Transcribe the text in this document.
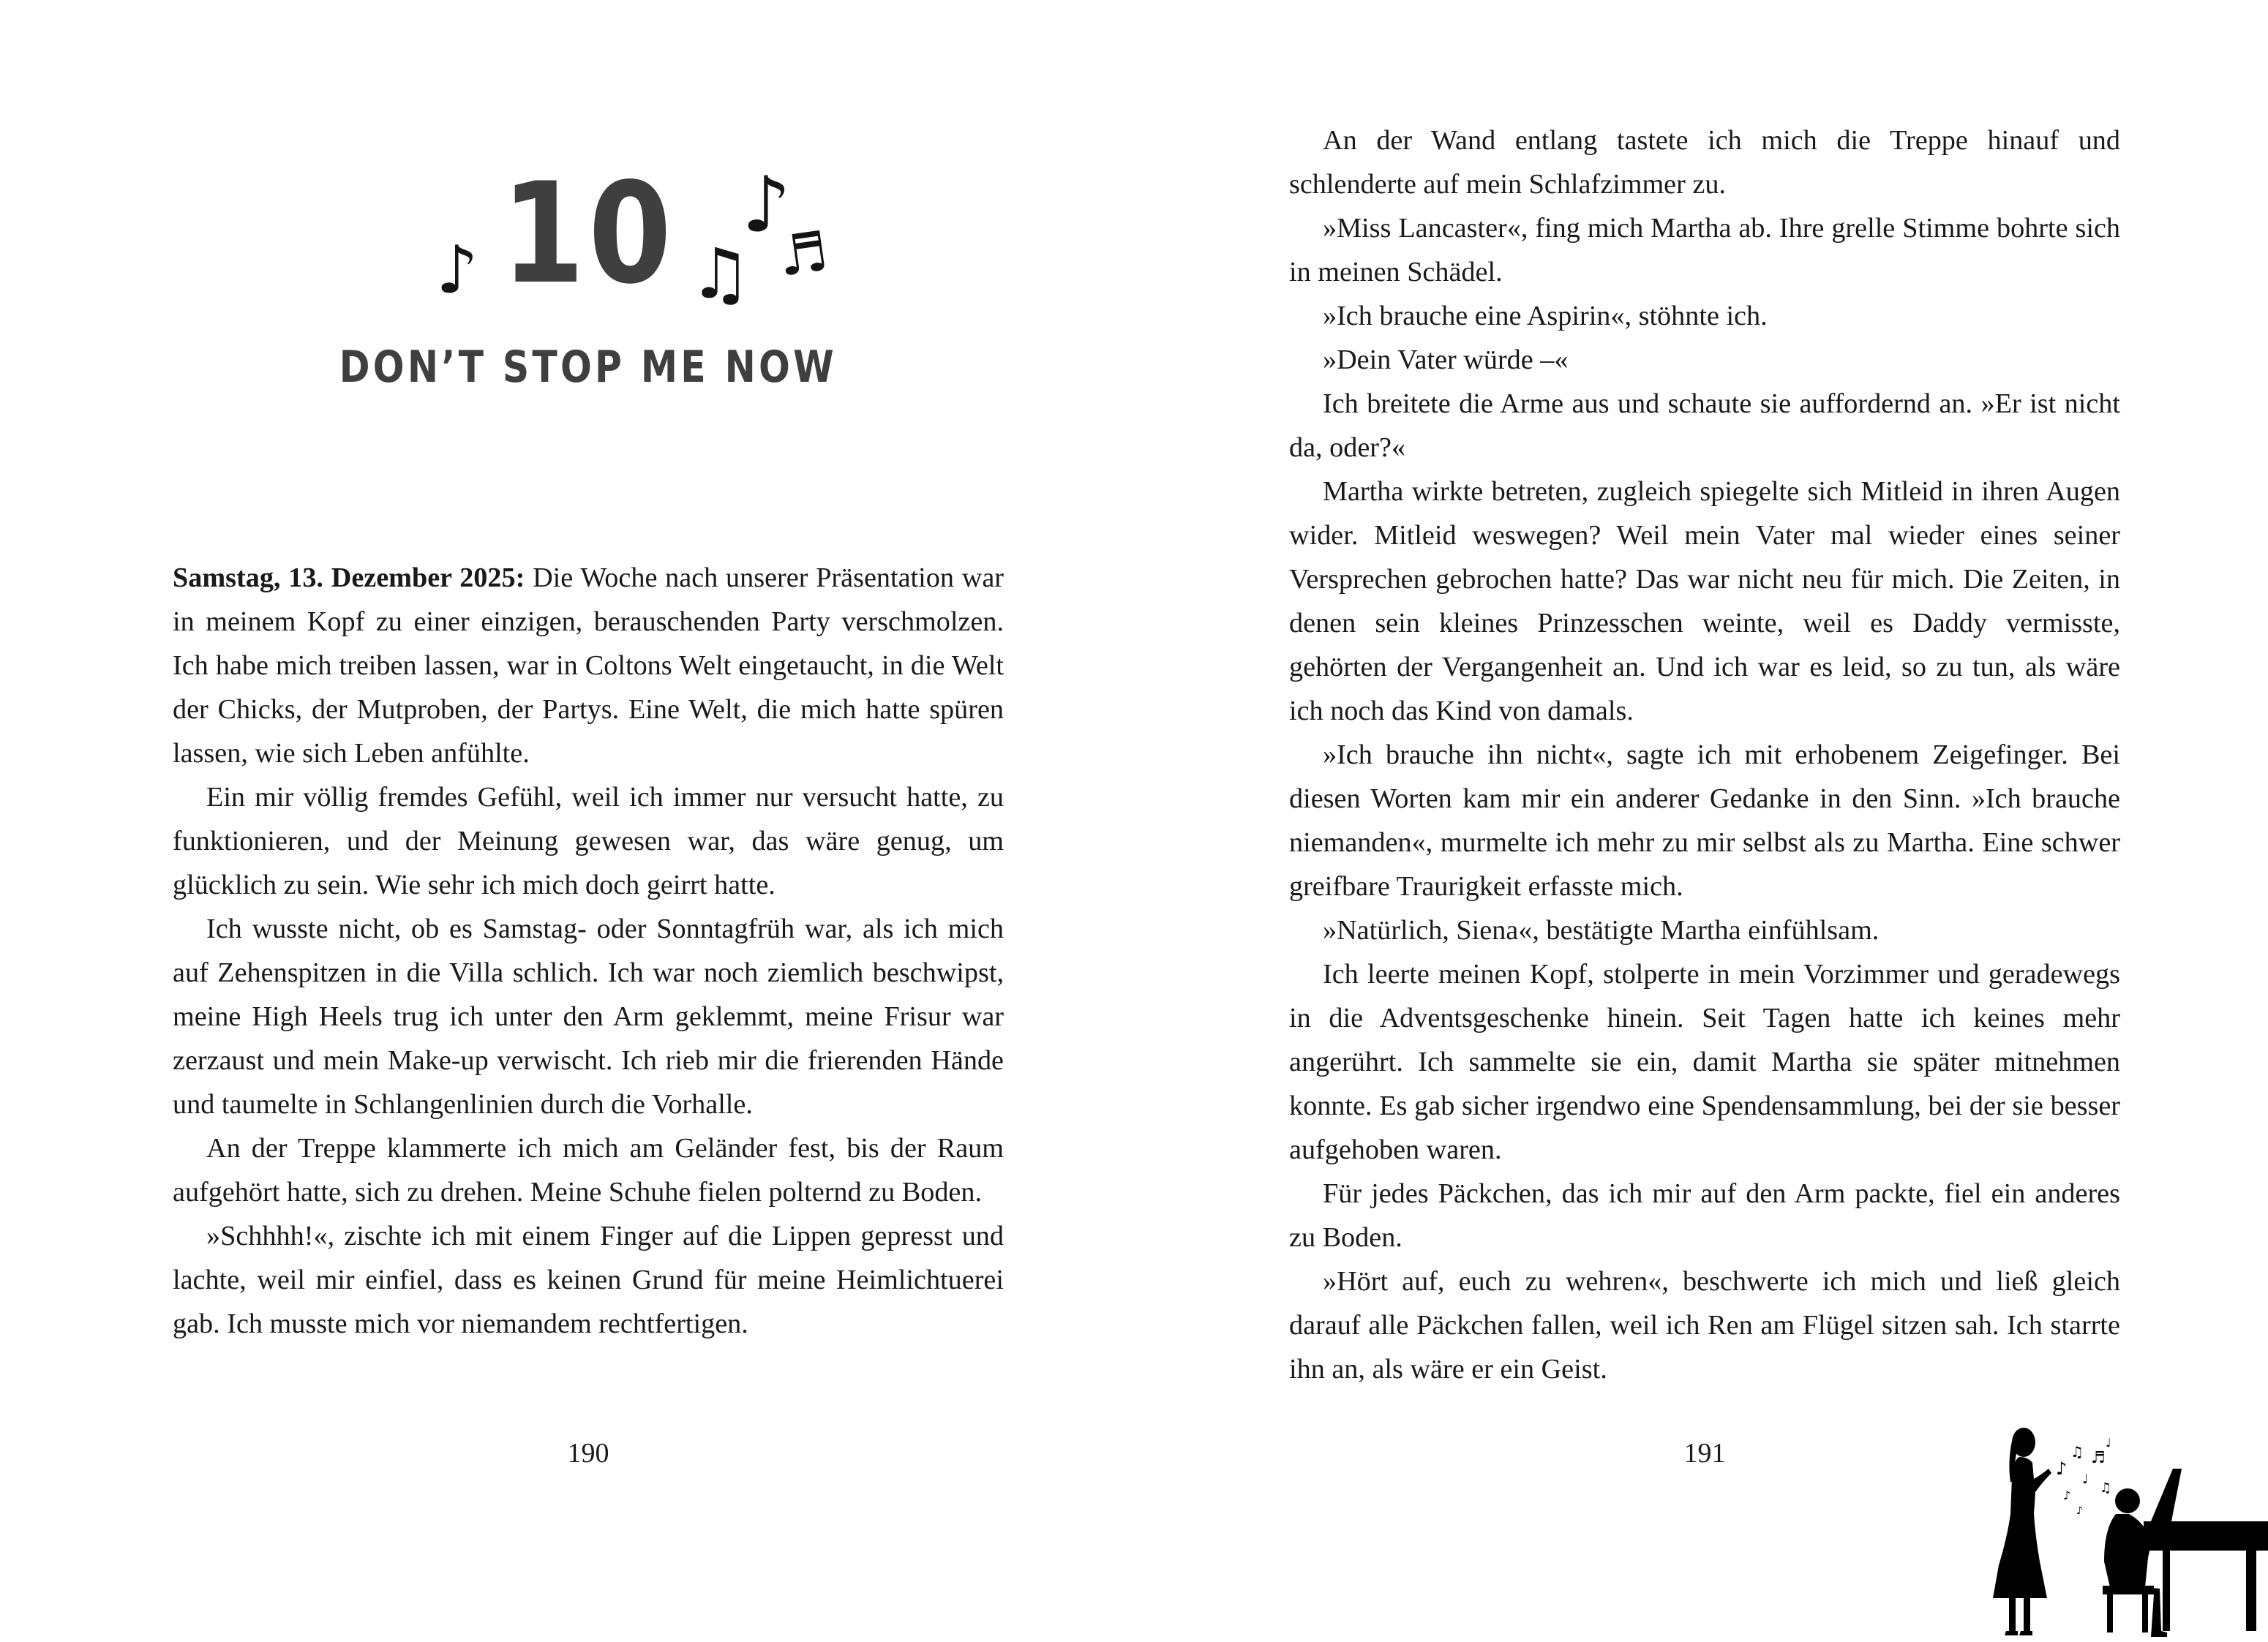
10
DON’T STOP ME NOW
♪	♫
♪
♬

Samstag, 13. Dezember 2025: Die Woche nach unserer Präsentation war in meinem Kopf zu einer einzigen, berauschenden Party verschmolzen. Ich habe mich treiben lassen, war in Coltons Welt eingetaucht, in die Welt der Chicks, der Mutproben, der Partys. Eine Welt, die mich hatte spüren lassen, wie sich Leben anfühlte.

Ein mir völlig fremdes Gefühl, weil ich immer nur versucht hatte, zu funktionieren, und der Meinung gewesen war, das wäre genug, um glücklich zu sein. Wie sehr ich mich doch geirrt hatte.

Ich wusste nicht, ob es Samstag- oder Sonntagfrüh war, als ich mich auf Zehenspitzen in die Villa schlich. Ich war noch ziemlich beschwipst, meine High Heels trug ich unter den Arm geklemmt, meine Frisur war zerzaust und mein Make-up verwischt. Ich rieb mir die frierenden Hände und taumelte in Schlangenlinien durch die Vorhalle.

An der Treppe klammerte ich mich am Geländer fest, bis der Raum aufgehört hatte, sich zu drehen. Meine Schuhe fielen polternd zu Boden.

»Schhhh!«, zischte ich mit einem Finger auf die Lippen gepresst und lachte, weil mir einfiel, dass es keinen Grund für meine Heimlichtuerei gab. Ich musste mich vor niemandem rechtfertigen.

190

An der Wand entlang tastete ich mich die Treppe hinauf und schlenderte auf mein Schlafzimmer zu.

»Miss Lancaster«, fing mich Martha ab. Ihre grelle Stimme bohrte sich in meinen Schädel.

»Ich brauche eine Aspirin«, stöhnte ich.

»Dein Vater würde –«

Ich breitete die Arme aus und schaute sie auffordernd an. »Er ist nicht da, oder?«

Martha wirkte betreten, zugleich spiegelte sich Mitleid in ihren Augen wider. Mitleid weswegen? Weil mein Vater mal wieder eines seiner Versprechen gebrochen hatte? Das war nicht neu für mich. Die Zeiten, in denen sein kleines Prinzesschen weinte, weil es Daddy vermisste, gehörten der Vergangenheit an. Und ich war es leid, so zu tun, als wäre ich noch das Kind von damals.

»Ich brauche ihn nicht«, sagte ich mit erhobenem Zeigefinger. Bei diesen Worten kam mir ein anderer Gedanke in den Sinn. »Ich brauche niemanden«, murmelte ich mehr zu mir selbst als zu Martha. Eine schwer greifbare Traurigkeit erfasste mich.

»Natürlich, Siena«, bestätigte Martha einfühlsam.

Ich leerte meinen Kopf, stolperte in mein Vorzimmer und geradewegs in die Adventsgeschenke hinein. Seit Tagen hatte ich keines mehr angerührt. Ich sammelte sie ein, damit Martha sie später mitnehmen konnte. Es gab sicher irgendwo eine Spendensammlung, bei der sie besser aufgehoben waren.

Für jedes Päckchen, das ich mir auf den Arm packte, fiel ein anderes zu Boden.

»Hört auf, euch zu wehren«, beschwerte ich mich und ließ gleich darauf alle Päckchen fallen, weil ich Ren am Flügel sitzen sah. Ich starrte ihn an, als wäre er ein Geist.

191	♪
♫
♩
♬
♪ ♫
♪
♩
